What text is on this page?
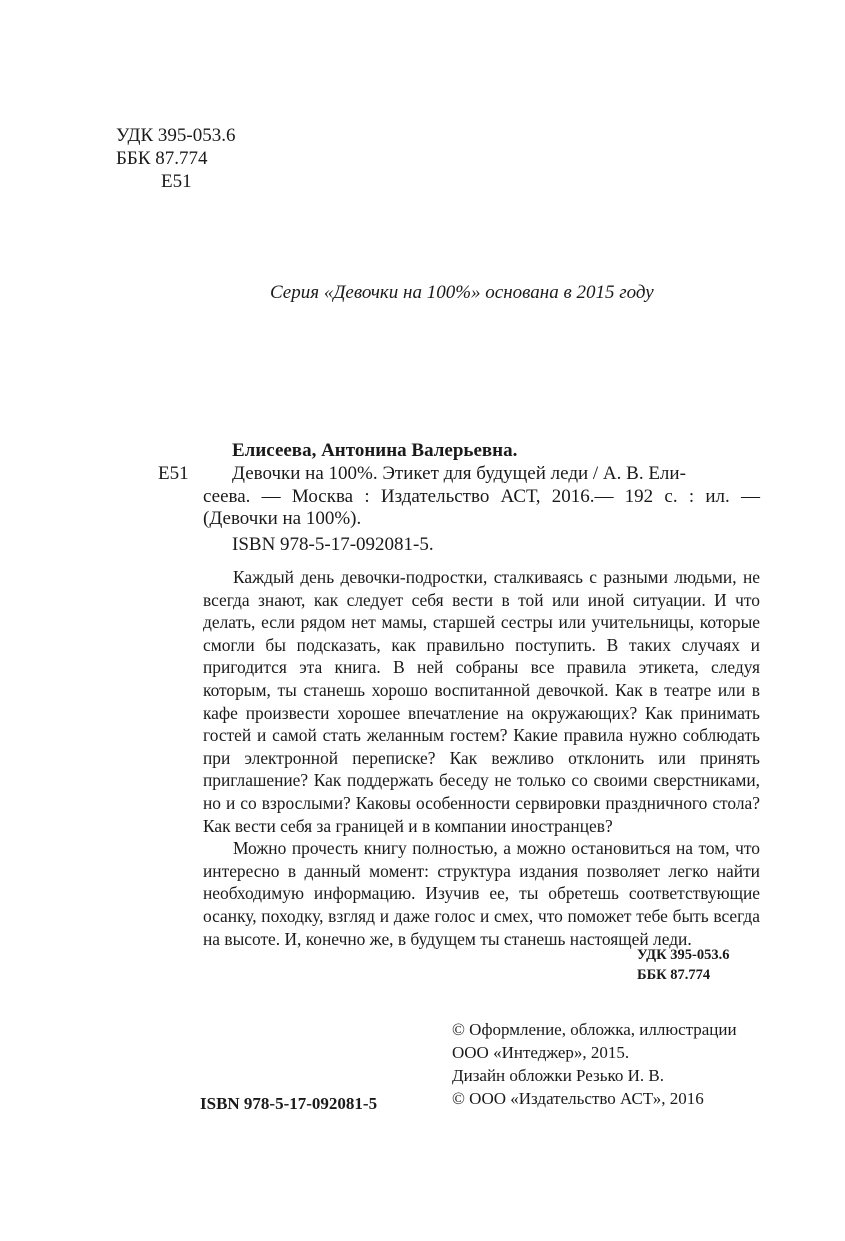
УДК 395-053.6
ББК 87.774
Е51
Серия «Девочки на 100%» основана в 2015 году
Елисеева, Антонина Валерьевна.
Е51 Девочки на 100%. Этикет для будущей леди / А. В. Ели-

сеева. — Москва : Издательство АСТ, 2016.— 192 с. : ил. — (Девочки на 100%).

ISBN 978-5-17-092081-5.

Каждый день девочки-подростки, сталкиваясь с разными людьми, не всегда знают, как следует себя вести в той или иной ситуации. И что делать, если рядом нет мамы, старшей сестры или учительницы, которые смогли бы подсказать, как правильно поступить. В таких случаях и пригодится эта книга. В ней собраны все правила этикета, следуя которым, ты станешь хорошо воспитанной девочкой. Как в театре или в кафе произвести хорошее впечатление на окружающих? Как принимать гостей и самой стать желанным гостем? Какие правила нужно соблюдать при электронной переписке? Как вежливо отклонить или принять приглашение? Как поддержать беседу не только со своими сверстниками, но и со взрослыми? Каковы особенности сервировки праздничного стола? Как вести себя за границей и в компании иностранцев?

Можно прочесть книгу полностью, а можно остановиться на том, что интересно в данный момент: структура издания позволяет легко найти необходимую информацию. Изучив ее, ты обретешь соответствующие осанку, походку, взгляд и даже голос и смех, что поможет тебе быть всегда на высоте. И, конечно же, в будущем ты станешь настоящей леди.

УДК 395-053.6
ББК 87.774
© Оформление, обложка, иллюстрации
ООО «Интеджер», 2015.
Дизайн обложки Резько И. В.
© ООО «Издательство АСТ», 2016
ISBN 978-5-17-092081-5
